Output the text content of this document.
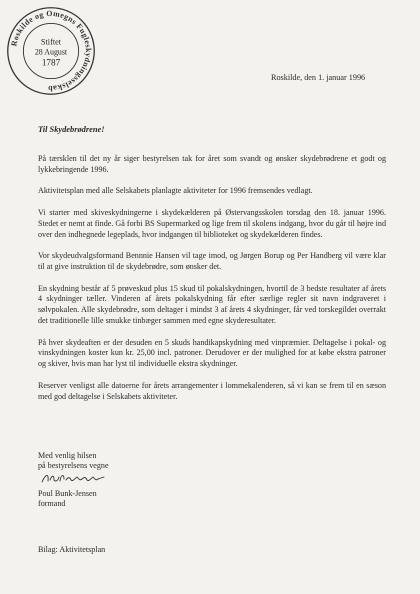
Roskilde og Omegns Fugleskydningsselskab
Stiftet
28 August
1787
Roskilde, den 1. januar 1996
Til Skydebrødrene!

På tærsklen til det ny år siger bestyrelsen tak for året som svandt og ønsker skydebrødrene et godt og lykkebringende 1996.

Aktivitetsplan med alle Selskabets planlagte aktiviteter for 1996 fremsendes vedlagt.

Vi starter med skiveskydningerne i skydekælderen på Østervangsskolen torsdag den 18. januar 1996. Stedet er nemt at finde. Gå forbi BS Supermarked og lige frem til skolens indgang, hvor du går til højre ind over den indhegnede legeplads, hvor indgangen til biblioteket og skydekælderen findes.

Vor skydeudvalgsformand Bennnie Hansen vil tage imod, og Jørgen Borup og Per Handberg vil være klar til at give instruktion til de skydebrødre, som ønsker det.

En skydning består af 5 prøveskud plus 15 skud til pokalskydningen, hvortil de 3 bedste resultater af årets 4 skydninger tæller. Vinderen af årets pokalskydning får efter særlige regler sit navn indgraveret i sølvpokalen. Alle skydebrødre, som deltager i mindst 3 af årets 4 skydninger, får ved torskegildet overrakt det traditionelle lille smukke tinbæger sammen med egne skyderesultater.

På hver skydeaften er der desuden en 5 skuds handikapskydning med vinpræmier. Deltagelse i pokal- og vinskydningen koster kun kr. 25,00 incl. patroner. Derudover er der mulighed for at købe ekstra patroner og skiver, hvis man har lyst til individuelle ekstra skydninger.

Reserver venligst alle datoerne for årets arrangementer i lommekalenderen, så vi kan se frem til en sæson med god deltagelse i Selskabets aktiviteter.

Med venlig hilsen
på bestyrelsens vegne
Poul Bunk-Jensen
formand
Bilag: Aktivitetsplan
